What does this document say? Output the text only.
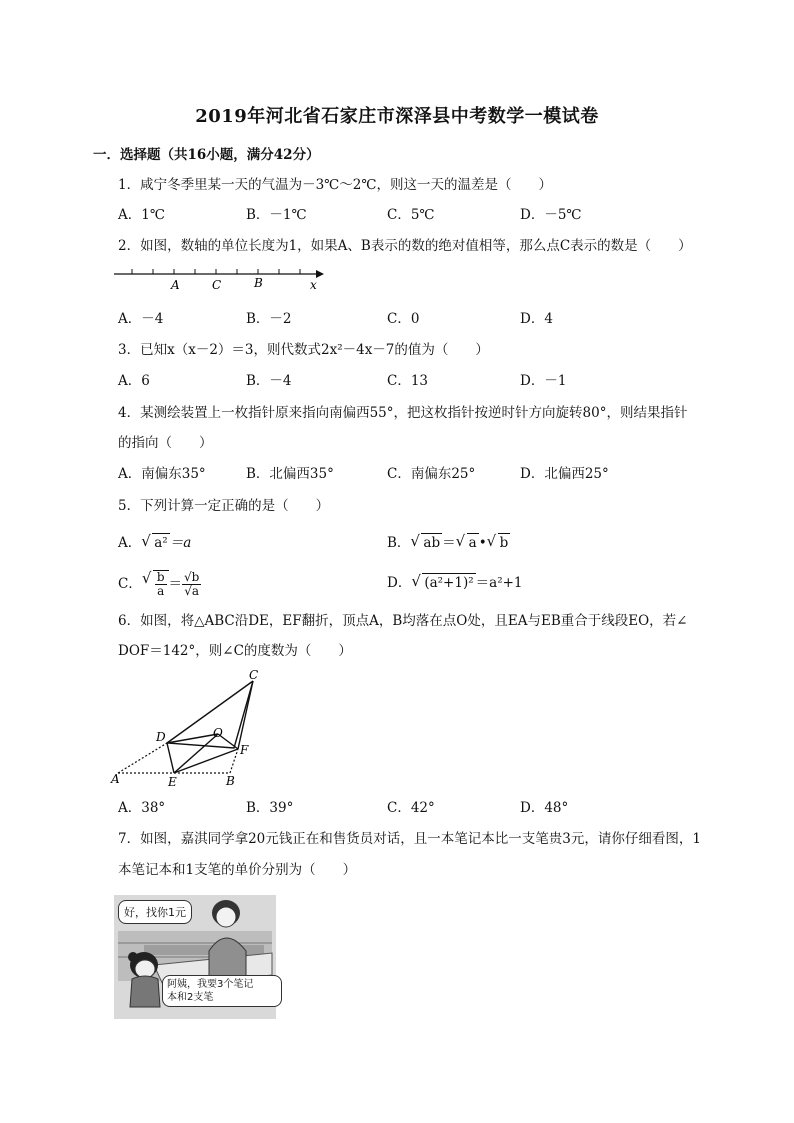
2019年河北省石家庄市深泽县中考数学一模试卷
一．选择题（共16小题，满分42分）
1．咸宁冬季里某一天的气温为－3℃～2℃，则这一天的温差是（　　）
A．1℃	B．－1℃	C．5℃	D．－5℃
2．如图，数轴的单位长度为1，如果A、B表示的数的绝对值相等，那么点C表示的数是（　　）
A	C	B	x
A．－4	B．－2	C．0	D．4
3．已知x（x－2）＝3，则代数式2x²－4x－7的值为（　　）
A．6	B．－4	C．13	D．－1
4．某测绘装置上一枚指针原来指向南偏西55°，把这枚指针按逆时针方向旋转80°，则结果指针
的指向（　　）
A．南偏东35°	B．北偏西35°	C．南偏东25°	D．北偏西25°
5．下列计算一定正确的是（　　）
A． √ a² ＝a	B． √ ab ＝ √ a • √ b
C． √ $\frac{b}{a} = \frac{√b}{√a}$	D． √ (a²+1)² ＝a²+1
6．如图，将△ABC沿DE，EF翻折，顶点A，B均落在点O处，且EA与EB重合于线段EO，若∠
DOF＝142°，则∠C的度数为（　　）
C
D	O
F
A	E	B
A．38°	B．39°	C．42°	D．48°
7．如图，嘉淇同学拿20元钱正在和售货员对话，且一本笔记本比一支笔贵3元，请你仔细看图，1
本笔记本和1支笔的单价分别为（　　）
好，找你1元
阿姨，我要3个笔记
本和2支笔
